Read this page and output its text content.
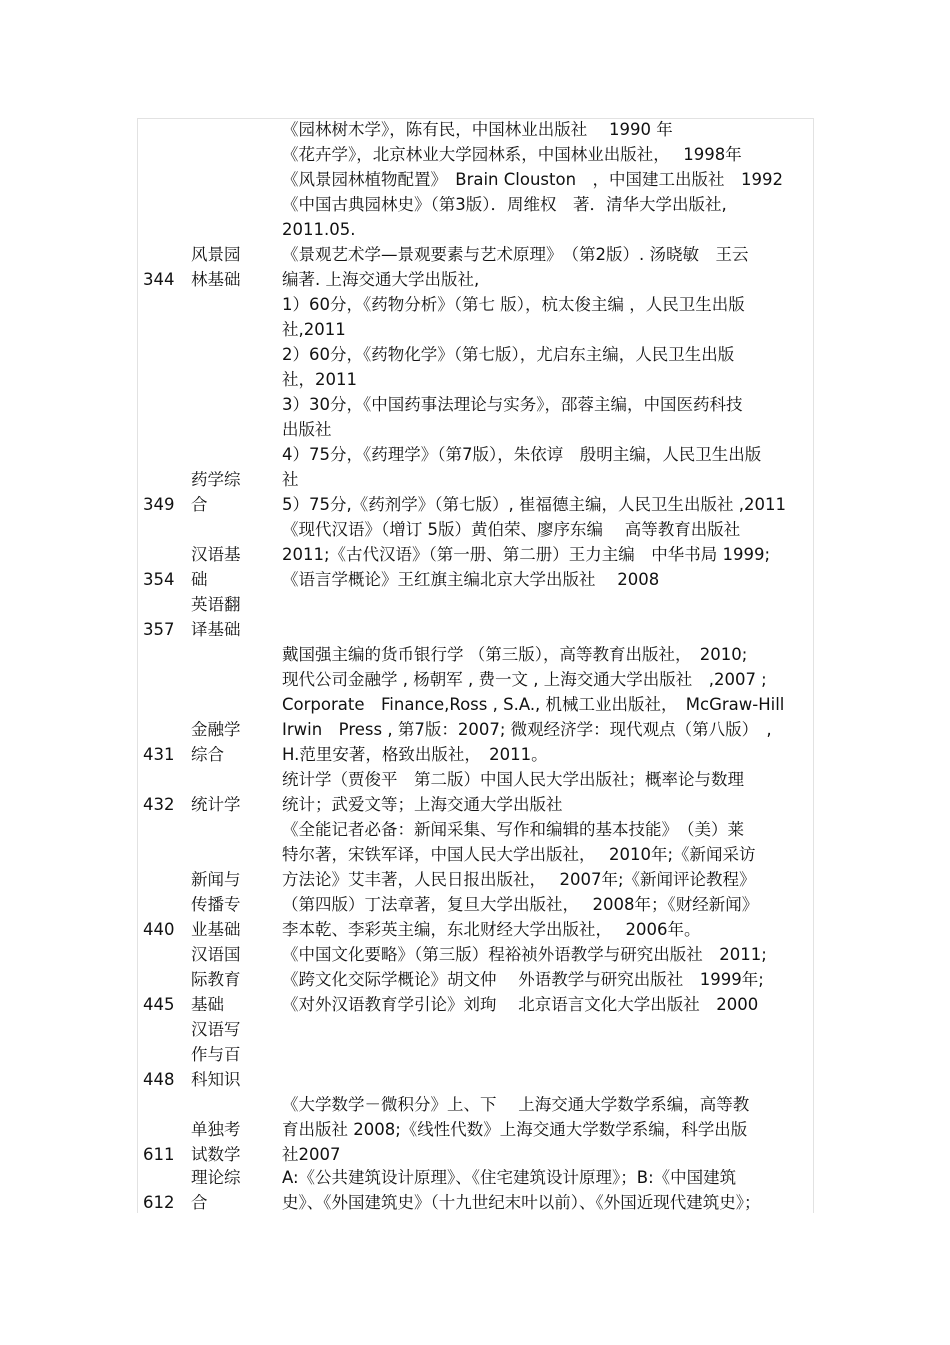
《园林树木学》，陈有民，中国林业出版社　 1990 年
《花卉学》，北京林业大学园林系，中国林业出版社，　 1998年
《风景园林植物配置》　Brain Clouston　，中国建工出版社　1992
《中国古典园林史》（第3版）．周维权　著．清华大学出版社,
2011.05.
风景园
林基础
344
《景观艺术学—景观要素与艺术原理》　（第2版）. 汤晓敏　王云
编著. 上海交通大学出版社,
药学综
合
349
1）60分，《药物分析》（第七 版），杭太俊主编 ，人民卫生出版
社,2011
2）60分，《药物化学》（第七版），尤启东主编，人民卫生出版
社，2011
3）30分，《中国药事法理论与实务》，邵蓉主编，中国医药科技
出版社
4）75分，《药理学》（第7版），朱依谆　殷明主编，人民卫生出版
社
5）75分,《药剂学》（第七版）, 崔福德主编，人民卫生出版社 ,2011
汉语基
础
354
《现代汉语》（增订 5版）黄伯荣、廖序东编　 高等教育出版社
2011;《古代汉语》（第一册、第二册）王力主编　中华书局 1999;
《语言学概论》王红旗主编北京大学出版社　 2008
英语翻
译基础
357
金融学
综合
431
戴国强主编的货币银行学 （第三版），高等教育出版社，　2010;
现代公司金融学 , 杨朝军 , 费一文 , 上海交通大学出版社　,2007 ;
Corporate　Finance,Ross , S.A., 机械工业出版社，　McGraw-Hill
Irwin　Press , 第7版：2007; 微观经济学：现代观点（第八版）　,
H.范里安著，格致出版社，　2011。
统计学
432
统计学（贾俊平　第二版）中国人民大学出版社；概率论与数理
统计；武爱文等；上海交通大学出版社
新闻与
传播专
业基础
440
《全能记者必备：新闻采集、写作和编辑的基本技能》　（美）莱
特尔著，宋铁军译，中国人民大学出版社，　 2010年;《新闻采访
方法论》艾丰著，人民日报出版社，　 2007年;《新闻评论教程》
（第四版）丁法章著，复旦大学出版社，　 2008年；《财经新闻》
李本乾、李彩英主编，东北财经大学出版社，　 2006年。
汉语国
际教育
基础
445
《中国文化要略》（第三版）程裕祯外语教学与研究出版社　2011;
《跨文化交际学概论》胡文仲　 外语教学与研究出版社　1999年;
《对外汉语教育学引论》刘珣　 北京语言文化大学出版社　2000
汉语写
作与百
科知识
448
单独考
试数学
611
《大学数学－微积分》上、下　 上海交通大学数学系编，高等教
育出版社 2008;《线性代数》上海交通大学数学系编，科学出版
社2007
理论综
合
612
A:《公共建筑设计原理》、《住宅建筑设计原理》；B:《中国建筑
史》、《外国建筑史》（十九世纪末叶以前）、《外国近现代建筑史》；
